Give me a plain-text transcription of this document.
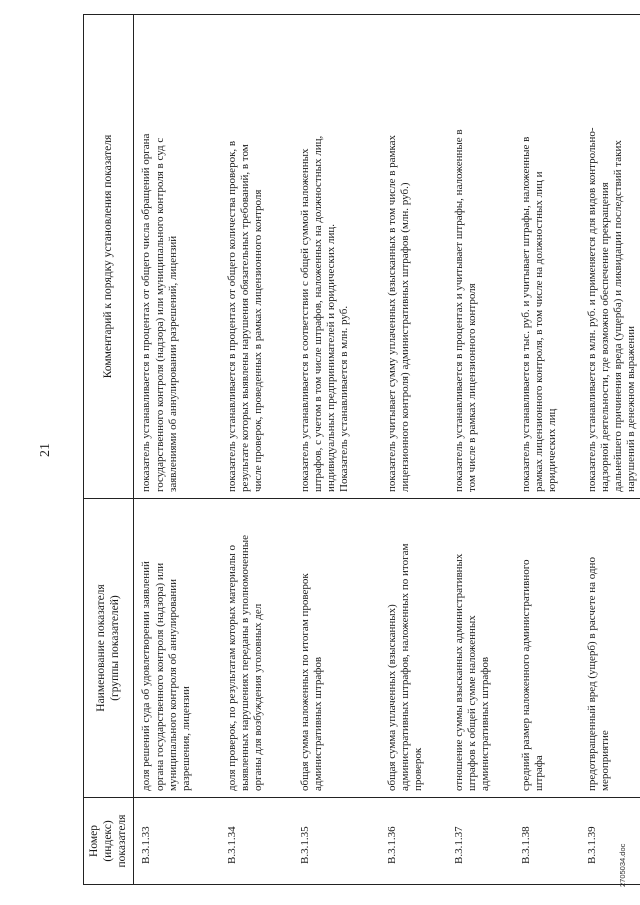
21
Номер (индекс) показателя	Наименование показателя (группы показателей)	Комментарий к порядку установления показателя

В.3.1.33	доля решений суда об удовлетворении заявлений органа государственного контроля (надзора) или муниципального контроля об аннулировании разрешения, лицензии	показатель устанавливается в процентах от общего числа обращений органа государственного контроля (надзора) или муниципального контроля в суд с заявлениями об аннулировании разрешений, лицензий

В.3.1.34	доля проверок, по результатам которых материалы о выявленных нарушениях переданы в уполномоченные органы для возбуждения уголовных дел	показатель устанавливается в процентах от общего количества проверок, в результате которых выявлены нарушения обязательных требований, в том числе проверок, проведенных в рамках лицензионного контроля

В.3.1.35	общая сумма наложенных по итогам проверок административных штрафов	показатель устанавливается в соответствии с общей суммой наложенных штрафов, с учетом в том числе штрафов, наложенных на должностных лиц, индивидуальных предпринимателей и юридических лиц. Показатель устанавливается в млн. руб.

В.3.1.36	общая сумма уплаченных (взысканных) административных штрафов, наложенных по итогам проверок	показатель учитывает сумму уплаченных (взысканных в том числе в рамках лицензионного контроля) административных штрафов (млн. руб.)

В.3.1.37	отношение суммы взысканных административных штрафов к общей сумме наложенных административных штрафов	показатель устанавливается в процентах и учитывает штрафы, наложенные в том числе в рамках лицензионного контроля

В.3.1.38	средний размер наложенного административного штрафа	показатель устанавливается в тыс. руб. и учитывает штрафы, наложенные в рамках лицензионного контроля, в том числе на должностных лиц и юридических лиц

В.3.1.39	предотвращенный вред (ущерб) в расчете на одно мероприятие	показатель устанавливается в млн. руб. и применяется для видов контрольно- надзорной деятельности, где возможно обеспечение прекращения дальнейшего причинения вреда (ущерба) и ликвидации последствий таких нарушений в денежном выражении
2705034.doc
